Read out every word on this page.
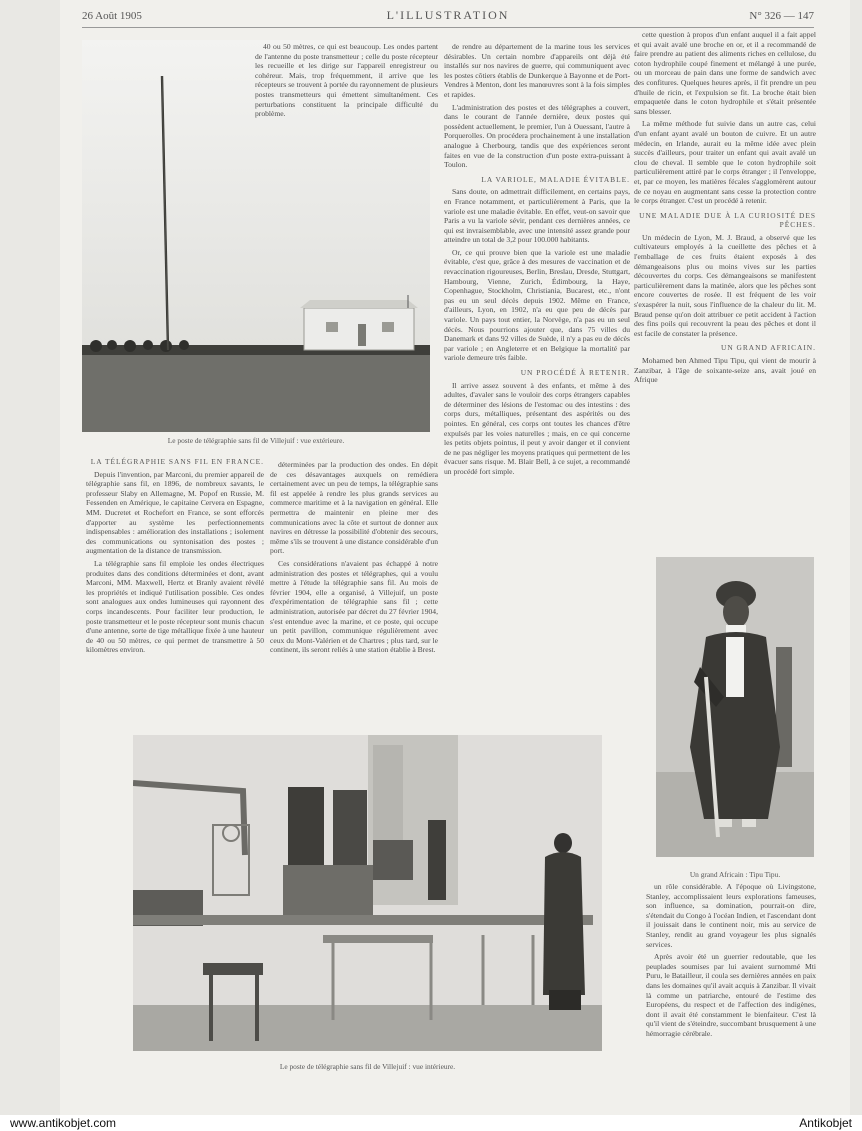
26 Août 1905	L'ILLUSTRATION	N° 326 — 147
Le poste de télégraphie sans fil de Villejuif : vue extérieure.

40 ou 50 mètres, ce qui est beaucoup. Les ondes partent de l'antenne du poste transmetteur ; celle du poste récepteur les recueille et les dirige sur l'appareil enregistreur ou cohéreur. Mais, trop fréquemment, il arrive que les récepteurs se trouvent à portée du rayonnement de plusieurs postes transmetteurs qui émettent simultanément. Ces perturbations constituent la principale difficulté du problème.

LA TÉLÉGRAPHIE SANS FIL EN FRANCE.

Depuis l'invention, par Marconi, du premier appareil de télégraphie sans fil, en 1896, de nombreux savants, le professeur Slaby en Allemagne, M. Popof en Russie, M. Fessenden en Amérique, le capitaine Cervera en Espagne, MM. Ducretet et Rochefort en France, se sont efforcés d'apporter au système les perfectionnements indispensables : amélioration des installations ; isolement des communications ou syntonisation des postes ; augmentation de la distance de transmission.

La télégraphie sans fil emploie les ondes électriques produites dans des conditions déterminées et dont, avant Marconi, MM. Maxwell, Hertz et Branly avaient révélé les propriétés et indiqué l'utilisation possible. Ces ondes sont analogues aux ondes lumineuses qui rayonnent des corps incandescents. Pour faciliter leur production, le poste transmetteur et le poste récepteur sont munis chacun d'une antenne, sorte de tige métallique fixée à une hauteur de 40 ou 50 mètres, ce qui permet de transmettre à 50 kilomètres environ.

déterminées par la production des ondes. En dépit de ces désavantages auxquels on remédiera certainement avec un peu de temps, la télégraphie sans fil est appelée à rendre les plus grands services au commerce maritime et à la navigation en général. Elle permettra de maintenir en pleine mer des communications avec la côte et surtout de donner aux navires en détresse la possibilité d'obtenir des secours, même s'ils se trouvent à une distance considérable d'un port.

Ces considérations n'avaient pas échappé à notre administration des postes et télégraphes, qui a voulu mettre à l'étude la télégraphie sans fil. Au mois de février 1904, elle a organisé, à Villejuif, un poste d'expérimentation de télégraphie sans fil ; cette administration, autorisée par décret du 27 février 1904, s'est entendue avec la marine, et ce poste, qui occupe un petit pavillon, communique régulièrement avec ceux du Mont-Valérien et de Chartres ; plus tard, sur le continent, ils seront reliés à une station établie à Brest.

de rendre au département de la marine tous les services désirables. Un certain nombre d'appareils ont déjà été installés sur nos navires de guerre, qui communiquent avec les postes côtiers établis de Dunkerque à Bayonne et de Port-Vendres à Menton, dont les manœuvres sont à la fois simples et rapides.

L'administration des postes et des télégraphes a couvert, dans le courant de l'année dernière, deux postes qui possèdent actuellement, le premier, l'un à Ouessant, l'autre à Porquerolles. On procédera prochainement à une installation analogue à Cherbourg, tandis que des expériences seront faites en vue de la construction d'un poste extra-puissant à Toulon.

LA VARIOLE, MALADIE ÉVITABLE.

Sans doute, on admettrait difficilement, en certains pays, en France notamment, et particulièrement à Paris, que la variole est une maladie évitable. En effet, veut-on savoir que Paris a vu la variole sévir, pendant ces dernières années, ce qui est invraisemblable, avec une intensité assez grande pour atteindre un total de 3,2 pour 100.000 habitants.

Or, ce qui prouve bien que la variole est une maladie évitable, c'est que, grâce à des mesures de vaccination et de revaccination rigoureuses, Berlin, Breslau, Dresde, Stuttgart, Hambourg, Vienne, Zurich, Édimbourg, la Haye, Copenhague, Stockholm, Christiania, Bucarest, etc., n'ont pas eu un seul décès depuis 1902. Même en France, d'ailleurs, Lyon, en 1902, n'a eu que peu de décès par variole. Un pays tout entier, la Norvège, n'a pas eu un seul décès. Nous pourrions ajouter que, dans 75 villes du Danemark et dans 92 villes de Suède, il n'y a pas eu de décès par variole ; en Angleterre et en Belgique la mortalité par variole demeure très faible.

UN PROCÉDÉ À RETENIR.

Il arrive assez souvent à des enfants, et même à des adultes, d'avaler sans le vouloir des corps étrangers capables de déterminer des lésions de l'estomac ou des intestins : des corps durs, métalliques, présentant des aspérités ou des pointes. En général, ces corps ont toutes les chances d'être expulsés par les voies naturelles ; mais, en ce qui concerne les petits objets pointus, il peut y avoir danger et il convient de ne pas négliger les moyens pratiques qui permettent de les évacuer sans risque. M. Blair Bell, à ce sujet, a recommandé un procédé fort simple.

cette question à propos d'un enfant auquel il a fait appel et qui avait avalé une broche en or, et il a recommandé de faire prendre au patient des aliments riches en cellulose, du coton hydrophile coupé finement et mélangé à une purée, ou un morceau de pain dans une forme de sandwich avec des confitures. Quelques heures après, il fit prendre un peu d'huile de ricin, et l'expulsion se fit. La broche était bien empaquetée dans le coton hydrophile et s'était présentée sans blesser.

La même méthode fut suivie dans un autre cas, celui d'un enfant ayant avalé un bouton de cuivre. Et un autre médecin, en Irlande, aurait eu la même idée avec plein succès d'ailleurs, pour traiter un enfant qui avait avalé un clou de cheval. Il semble que le coton hydrophile soit particulièrement attiré par le corps étranger ; il l'enveloppe, et, par ce moyen, les matières fécales s'agglomèrent autour de ce noyau en augmentant sans cesse la protection contre le corps étranger. C'est un procédé à retenir.

UNE MALADIE DUE À LA CURIOSITÉ DES PÊCHES.

Un médecin de Lyon, M. J. Braud, a observé que les cultivateurs employés à la cueillette des pêches et à l'emballage de ces fruits étaient exposés à des démangeaisons plus ou moins vives sur les parties découvertes du corps. Ces démangeaisons se manifestent particulièrement dans la matinée, alors que les pêches sont encore couvertes de rosée. Il est fréquent de les voir s'exaspérer la nuit, sous l'influence de la chaleur du lit. M. Braud pense qu'on doit attribuer ce petit accident à l'action des fins poils qui recouvrent la peau des pêches et dont il est facile de constater la présence.

UN GRAND AFRICAIN.

Mohamed ben Ahmed Tipu Tipu, qui vient de mourir à Zanzibar, à l'âge de soixante-seize ans, avait joué en Afrique

Un grand Africain : Tipu Tipu.

un rôle considérable. A l'époque où Livingstone, Stanley, accomplissaient leurs explorations fameuses, son influence, sa domination, pourrait-on dire, s'étendait du Congo à l'océan Indien, et l'ascendant dont il jouissait dans le continent noir, mis au service de Stanley, rendit au grand voyageur les plus signalés services.

Après avoir été un guerrier redoutable, que les peuplades soumises par lui avaient surnommé Mti Puru, le Batailleur, il coula ses dernières années en paix dans les domaines qu'il avait acquis à Zanzibar. Il vivait là comme un patriarche, entouré de l'estime des Européens, du respect et de l'affection des indigènes, dont il avait été constamment le bienfaiteur. C'est là qu'il vient de s'éteindre, succombant brusquement à une hémorragie cérébrale.

Le poste de télégraphie sans fil de Villejuif : vue intérieure.
www.antikobjet.com	Antikobjet
